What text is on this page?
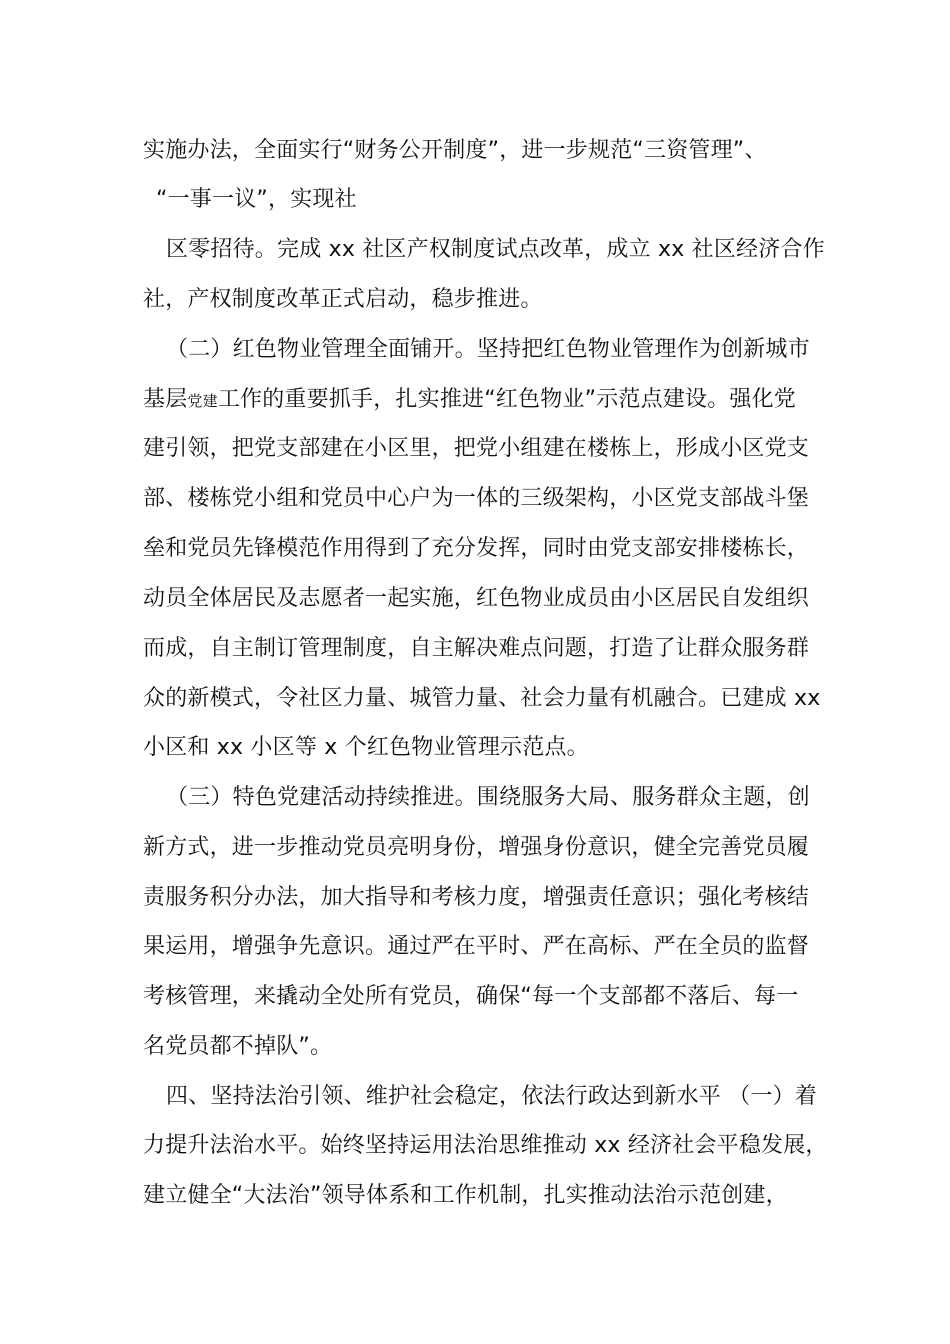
实施办法，全面实行“财务公开制度”，进一步规范“三资管理”、
“一事一议”，实现社
区零招待。完成 xx 社区产权制度试点改革，成立 xx 社区经济合作
社，产权制度改革正式启动，稳步推进。
（二）红色物业管理全面铺开。坚持把红色物业管理作为创新城市
基层党建工作的重要抓手，扎实推进“红色物业”示范点建设。强化党
建引领，把党支部建在小区里，把党小组建在楼栋上，形成小区党支
部、楼栋党小组和党员中心户为一体的三级架构，小区党支部战斗堡
垒和党员先锋模范作用得到了充分发挥，同时由党支部安排楼栋长，
动员全体居民及志愿者一起实施，红色物业成员由小区居民自发组织
而成，自主制订管理制度，自主解决难点问题，打造了让群众服务群
众的新模式，令社区力量、城管力量、社会力量有机融合。已建成 xx
小区和 xx 小区等 x 个红色物业管理示范点。
（三）特色党建活动持续推进。围绕服务大局、服务群众主题，创
新方式，进一步推动党员亮明身份，增强身份意识，健全完善党员履
责服务积分办法，加大指导和考核力度，增强责任意识；强化考核结
果运用，增强争先意识。通过严在平时、严在高标、严在全员的监督
考核管理，来撬动全处所有党员，确保“每一个支部都不落后、每一
名党员都不掉队”。
四、坚持法治引领、维护社会稳定，依法行政达到新水平 （一）着
力提升法治水平。始终坚持运用法治思维推动 xx 经济社会平稳发展，
建立健全“大法治”领导体系和工作机制，扎实推动法治示范创建，
